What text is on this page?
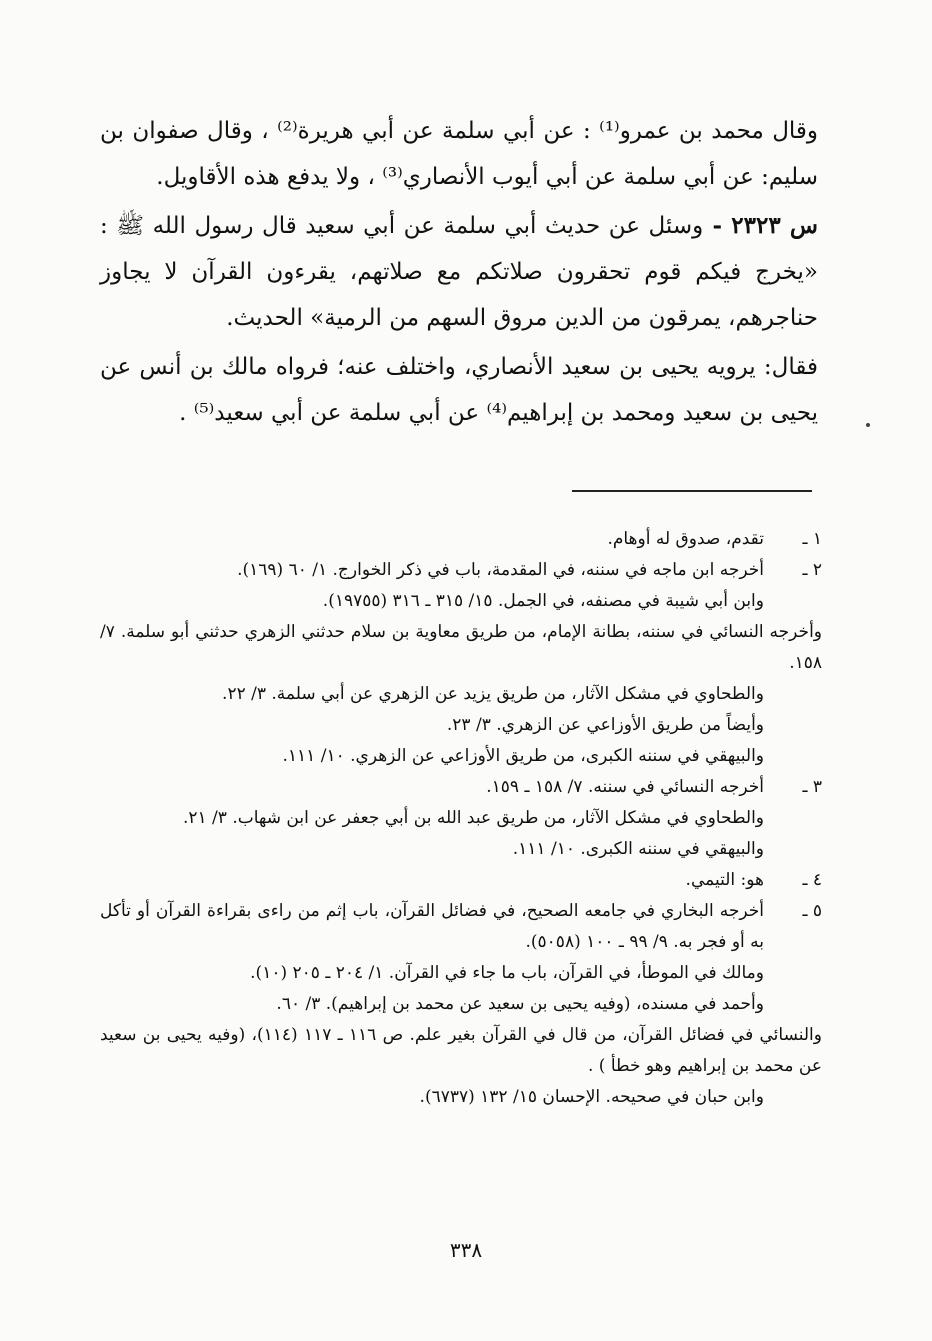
وقال محمد بن عمرو⁽¹⁾ : عن أبي سلمة عن أبي هريرة⁽²⁾ ، وقال صفوان بن سليم: عن أبي سلمة عن أبي أيوب الأنصاري⁽³⁾ ، ولا يدفع هذه الأقاويل.

س ٢٣٢٣ - وسئل عن حديث أبي سلمة عن أبي سعيد قال رسول الله ﷺ : «يخرج فيكم قوم تحقرون صلاتكم مع صلاتهم، يقرءون القرآن لا يجاوز حناجرهم، يمرقون من الدين مروق السهم من الرمية» الحديث.

فقال: يرويه يحيى بن سعيد الأنصاري، واختلف عنه؛ فرواه مالك بن أنس عن يحيى بن سعيد ومحمد بن إبراهيم⁽⁴⁾ عن أبي سلمة عن أبي سعيد⁽⁵⁾ .

١ ـ
تقدم، صدوق له أوهام.
٢ ـ
أخرجه ابن ماجه في سننه، في المقدمة، باب في ذكر الخوارج. ١/ ٦٠ (١٦٩).
وابن أبي شيبة في مصنفه، في الجمل. ١٥/ ٣١٥ ـ ٣١٦ (١٩٧٥٥).
وأخرجه النسائي في سننه، بطانة الإمام، من طريق معاوية بن سلام حدثني الزهري حدثني أبو سلمة. ٧/ ١٥٨.
والطحاوي في مشكل الآثار، من طريق يزيد عن الزهري عن أبي سلمة. ٣/ ٢٢.
وأيضاً من طريق الأوزاعي عن الزهري. ٣/ ٢٣.
والبيهقي في سننه الكبرى، من طريق الأوزاعي عن الزهري. ١٠/ ١١١.
٣ ـ
أخرجه النسائي في سننه. ٧/ ١٥٨ ـ ١٥٩.
والطحاوي في مشكل الآثار، من طريق عبد الله بن أبي جعفر عن ابن شهاب. ٣/ ٢١.
والبيهقي في سننه الكبرى. ١٠/ ١١١.
٤ ـ
هو: التيمي.
٥ ـ
أخرجه البخاري في جامعه الصحيح، في فضائل القرآن، باب إثم من راءى بقراءة القرآن أو تأكل به أو فجر به. ٩/ ٩٩ ـ ١٠٠ (٥٠٥٨).
ومالك في الموطأ، في القرآن، باب ما جاء في القرآن. ١/ ٢٠٤ ـ ٢٠٥ (١٠).
وأحمد في مسنده، (وفيه يحيى بن سعيد عن محمد بن إبراهيم). ٣/ ٦٠.
والنسائي في فضائل القرآن، من قال في القرآن بغير علم. ص ١١٦ ـ ١١٧ (١١٤)، (وفيه يحيى بن سعيد عن محمد بن إبراهيم وهو خطأ ) .
وابن حبان في صحيحه. الإحسان ١٥/ ١٣٢ (٦٧٣٧).
٣٣٨
